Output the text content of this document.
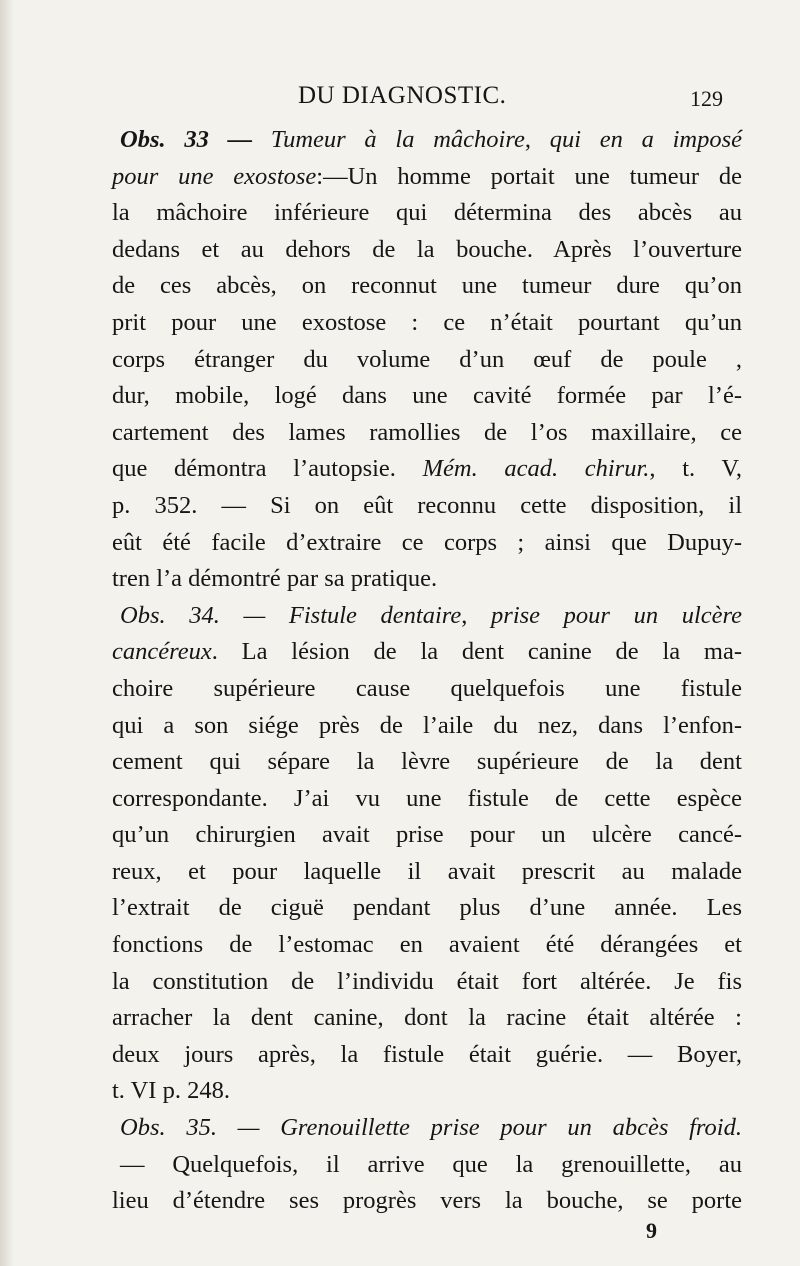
DU DIAGNOSTIC.	129
Obs. 33 — Tumeur à la mâchoire, qui en a imposé
pour une exostose:—Un homme portait une tumeur de
la mâchoire inférieure qui détermina des abcès au
dedans et au dehors de la bouche. Après l’ouverture
de ces abcès, on reconnut une tumeur dure qu’on
prit pour une exostose : ce n’était pourtant qu’un
corps étranger du volume d’un œuf de poule ,
dur, mobile, logé dans une cavité formée par l’é-
cartement des lames ramollies de l’os maxillaire, ce
que démontra l’autopsie. Mém. acad. chirur., t. V,
p. 352. — Si on eût reconnu cette disposition, il
eût été facile d’extraire ce corps ; ainsi que Dupuy-
tren l’a démontré par sa pratique.
Obs. 34. — Fistule dentaire, prise pour un ulcère
cancéreux. La lésion de la dent canine de la ma-
choire supérieure cause quelquefois une fistule
qui a son siége près de l’aile du nez, dans l’enfon-
cement qui sépare la lèvre supérieure de la dent
correspondante. J’ai vu une fistule de cette espèce
qu’un chirurgien avait prise pour un ulcère cancé-
reux, et pour laquelle il avait prescrit au malade
l’extrait de ciguë pendant plus d’une année. Les
fonctions de l’estomac en avaient été dérangées et
la constitution de l’individu était fort altérée. Je fis
arracher la dent canine, dont la racine était altérée :
deux jours après, la fistule était guérie. — Boyer,
t. VI p. 248.
Obs. 35. — Grenouillette prise pour un abcès froid.
— Quelquefois, il arrive que la grenouillette, au
lieu d’étendre ses progrès vers la bouche, se porte
9
